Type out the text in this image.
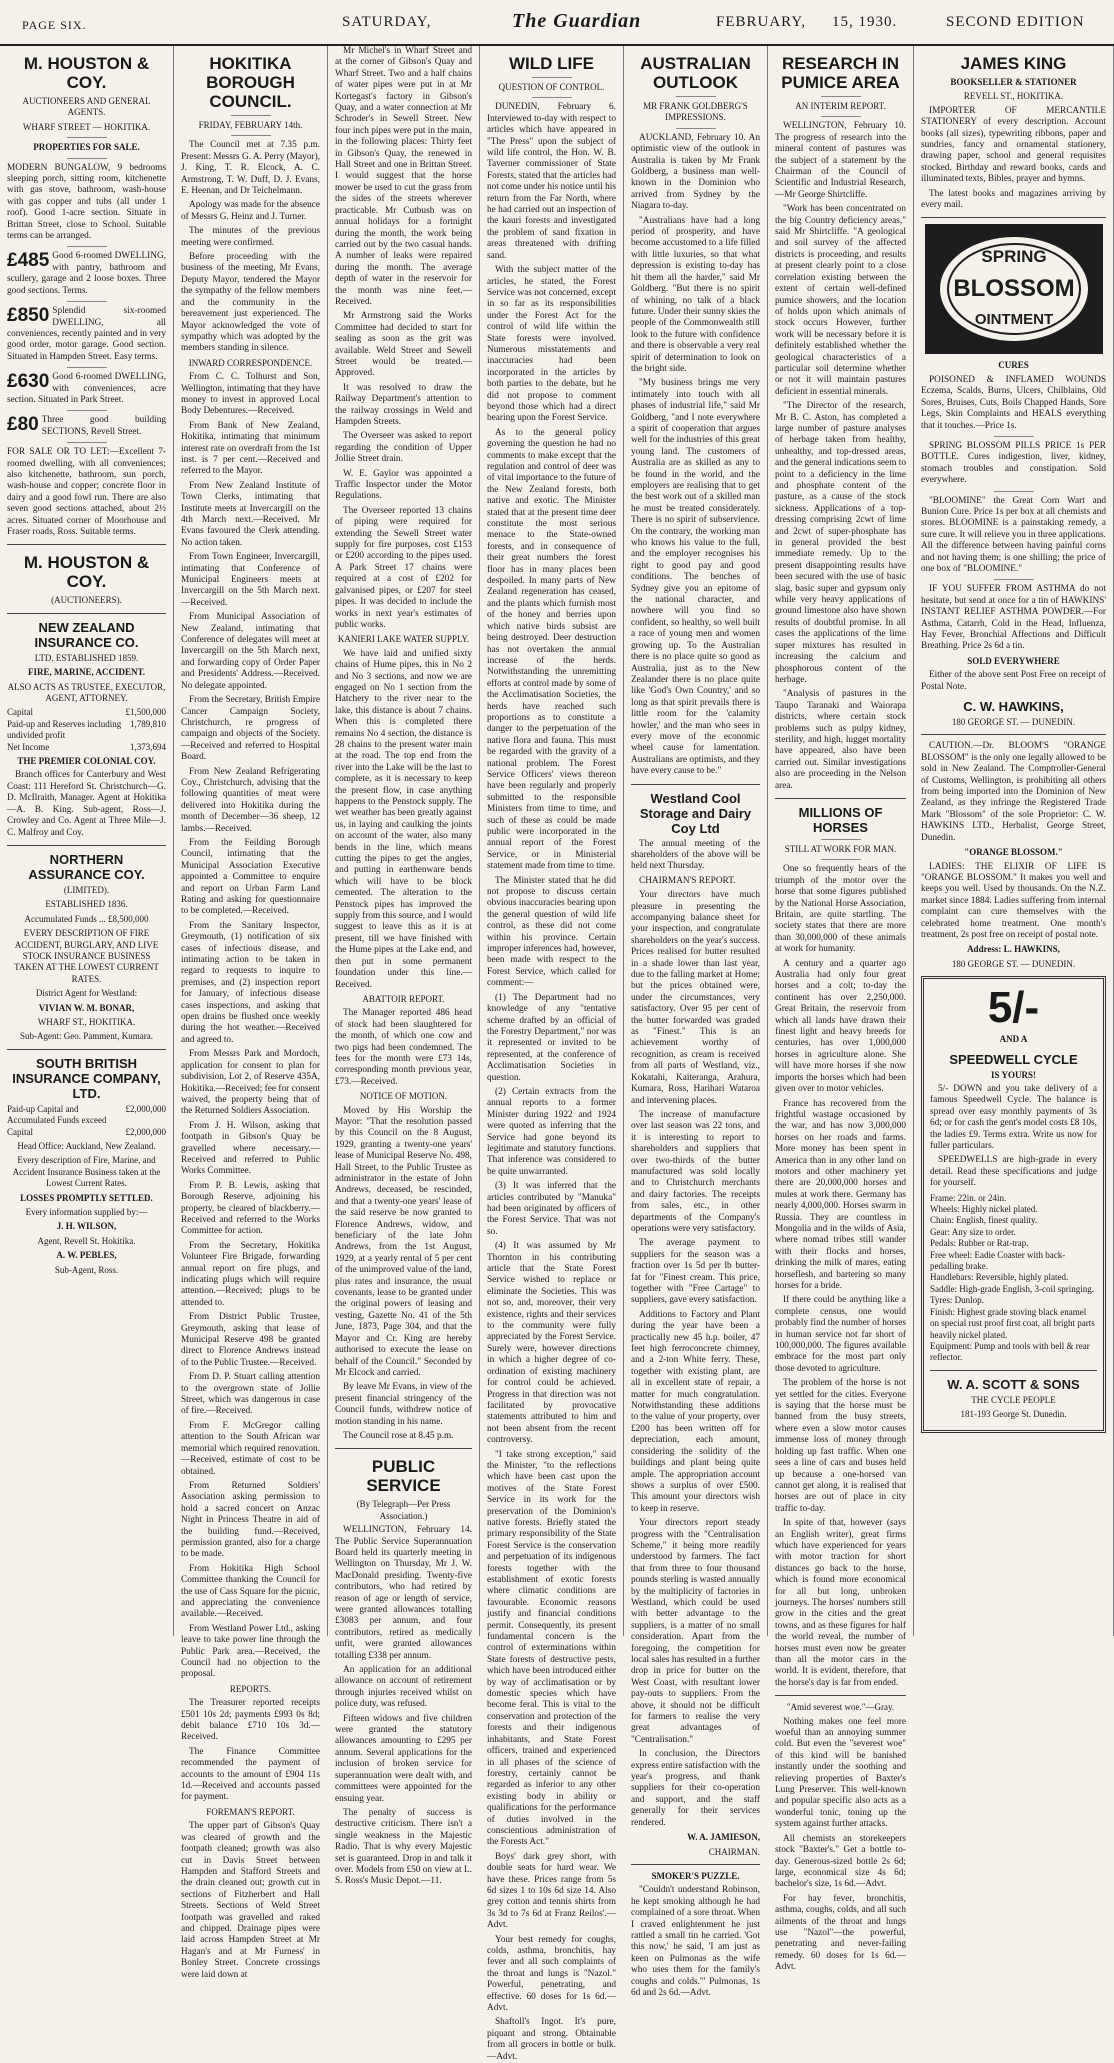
PAGE SIX.	SATURDAY,	The Guardian	FEBRUARY, 15, 1930.	SECOND EDITION
M. HOUSTON & COY.
AUCTIONEERS AND GENERAL AGENTS.
WHARF STREET — HOKITIKA.
PROPERTIES FOR SALE.

MODERN BUNGALOW, 9 bedrooms sleeping porch, sitting room, kitchenette with gas stove, bathroom, wash-house with gas copper and tubs (all under 1 roof). Good 1-acre section. Situate in Brittan Street, close to School. Suitable terms can be arranged.

£485 Good 6-roomed DWELLING, with pantry, bathroom and scullery, garage and 2 loose boxes. Three good sections. Terms.

£850 Splendid six-roomed DWELLING, all conveniences, recently painted and in very good order, motor garage. Good section. Situated in Hampden Street. Easy terms.

£630 Good 6-roomed DWELLING, with conveniences, acre section. Situated in Park Street.

£80 Three good building SECTIONS, Revell Street.

FOR SALE OR TO LET:—Excellent 7-roomed dwelling, with all conveniences; also kitchenette, bathroom, sun porch, wash-house and copper; concrete floor in dairy and a good fowl run. There are also seven good sections attached, about 2½ acres. Situated corner of Moorhouse and Fraser roads, Ross. Suitable terms.

M. HOUSTON & COY.
(AUCTIONEERS).
NEW ZEALAND INSURANCE CO.
LTD. ESTABLISHED 1859.
FIRE, MARINE, ACCIDENT.
ALSO ACTS AS TRUSTEE, EXECUTOR, AGENT, ATTORNEY.
Capital	£1,500,000
Paid-up and Reserves including undivided profit
1,789,810
Net Income	1,373,694
THE PREMIER COLONIAL COY.

Branch offices for Canterbury and West Coast: 111 Hereford St. Christchurch—G. D. McIlraith, Manager. Agent at Hokitika—A. B. King. Sub-agent, Ross—J. Crowley and Co. Agent at Three Mile—J. C. Malfroy and Coy.

NORTHERN ASSURANCE COY.
(LIMITED).
ESTABLISHED 1836.
Accumulated Funds ... £8,500,000
EVERY DESCRIPTION OF FIRE ACCIDENT, BURGLARY, AND LIVE STOCK INSURANCE BUSINESS TAKEN AT THE LOWEST CURRENT RATES.
District Agent for Westland:
VIVIAN W. M. BONAR,
WHARF ST., HOKITIKA.
Sub-Agent: Geo. Pamment, Kumara.
SOUTH BRITISH INSURANCE COMPANY, LTD.
Paid-up Capital and Accumulated Funds exceed
£2,000,000
Capital	£2,000,000
Head Office: Auckland, New Zealand.
Every description of Fire, Marine, and Accident Insurance Business taken at the Lowest Current Rates.
LOSSES PROMPTLY SETTLED.
Every information supplied by:—
J. H. WILSON,
Agent, Revell St. Hokitika.
A. W. PEBLES,
Sub-Agent, Ross.
HOKITIKA BOROUGH COUNCIL.
FRIDAY, FEBRUARY 14th.

The Council met at 7.35 p.m. Present: Messrs G. A. Perry (Mayor), J. King, T. R. Elcock, A. C. Armstrong, T. W. Duff, D. J. Evans, E. Heenan, and Dr Teichelmann.

Apology was made for the absence of Messrs G. Heinz and J. Turner.

The minutes of the previous meeting were confirmed.

Before proceeding with the business of the meeting, Mr Evans, Deputy Mayor, tendered the Mayor the sympathy of the fellow members and the community in the bereavement just experienced. The Mayor acknowledged the vote of sympathy which was adopted by the members standing in silence.

INWARD CORRESPONDENCE.

From C. C. Tolhurst and Son, Wellington, intimating that they have money to invest in approved Local Body Debentures.—Received.

From Bank of New Zealand, Hokitika, intimating that minimum interest rate on overdraft from the 1st inst. is 7 per cent.—Received and referred to the Mayor.

From New Zealand Institute of Town Clerks, intimating that Institute meets at Invercargill on the 4th March next.—Received. Mr Evans favoured the Clerk attending. No action taken.

From Town Engineer, Invercargill, intimating that Conference of Municipal Engineers meets at Invercargill on the 5th March next.—Received.

From Municipal Association of New Zealand, intimating that Conference of delegates will meet at Invercargill on the 5th March next, and forwarding copy of Order Paper and Presidents' Address.—Received. No delegate appointed.

From the Secretary, British Empire Cancer Campaign Society, Christchurch, re progress of campaign and objects of the Society.—Received and referred to Hospital Board.

From New Zealand Refrigerating Coy., Christchurch, advising that the following quantities of meat were delivered into Hokitika during the month of December—36 sheep, 12 lambs.—Received.

From the Feilding Borough Council, intimating that the Municipal Association Executive appointed a Committee to enquire and report on Urban Farm Land Rating and asking for questionnaire to be completed.—Received.

From the Sanitary Inspector, Greymouth, (1) notification of six cases of infectious disease, and intimating action to be taken in regard to requests to inquire to premises, and (2) inspection report for January, of infectious disease cases inspections, and asking that open drains be flushed once weekly during the hot weather.—Received and agreed to.

From Messrs Park and Mordoch, application for consent to plan for subdivision, Lot 2, of Reserve 435A, Hokitika.—Received; fee for consent waived, the property being that of the Returned Soldiers Association.

From J. H. Wilson, asking that footpath in Gibson's Quay be gravelled where necessary.—Received and referred to Public Works Committee.

From P. B. Lewis, asking that Borough Reserve, adjoining his property, be cleared of blackberry.—Received and referred to the Works Committee for action.

From the Secretary, Hokitika Volunteer Fire Brigade, forwarding annual report on fire plugs, and indicating plugs which will require attention.—Received; plugs to be attended to.

From District Public Trustee, Greymouth, asking that lease of Municipal Reserve 498 be granted direct to Florence Andrews instead of to the Public Trustee.—Received.

From D. P. Stuart calling attention to the overgrown state of Jollie Street, which was dangerous in case of fire.—Received.

From F. McGregor calling attention to the South African war memorial which required renovation.—Received, estimate of cost to be obtained.

From Returned Soldiers' Association asking permission to hold a sacred concert on Anzac Night in Princess Theatre in aid of the building fund.—Received, permission granted, also for a charge to be made.

From Hokitika High School Committee thanking the Council for the use of Cass Square for the picnic, and appreciating the convenience available.—Received.

From Westland Power Ltd., asking leave to take power line through the Public Park area.—Received, the Council had no objection to the proposal.

REPORTS.

The Treasurer reported receipts £501 10s 2d; payments £993 0s 8d; debit balance £710 10s 3d.—Received.

The Finance Committee recommended the payment of accounts to the amount of £904 11s 1d.—Received and accounts passed for payment.

FOREMAN'S REPORT.

The upper part of Gibson's Quay was cleared of growth and the footpath cleaned; growth was also cut in Davis Street between Hampden and Stafford Streets and the drain cleaned out; growth cut in sections of Fitzherbert and Hall Streets. Sections of Weld Street footpath was gravelled and raked and chipped. Drainage pipes were laid across Hampden Street at Mr Hagan's and at Mr Furness' in Bonley Street. Concrete crossings were laid down at

Mr Michel's in Wharf Street and at the corner of Gibson's Quay and Wharf Street. Two and a half chains of water pipes were put in at Mr Kortegast's factory in Gibson's Quay, and a water connection at Mr Schroder's in Sewell Street. New four inch pipes were put in the main, in the following places: Thirty feet in Gibson's Quay, the renewed in Hall Street and one in Brittan Street. I would suggest that the horse mower be used to cut the grass from the sides of the streets wherever practicable. Mr Cutbush was on annual holidays for a fortnight during the month, the work being carried out by the two casual hands. A number of leaks were repaired during the month. The average depth of water in the reservoir for the month was nine feet.—Received.

Mr Armstrong said the Works Committee had decided to start for sealing as soon as the grit was available. Weld Street and Sewell Street would be treated.—Approved.

It was resolved to draw the Railway Department's attention to the railway crossings in Weld and Hampden Streets.

The Overseer was asked to report regarding the condition of Upper Jollie Street drain.

W. E. Gaylor was appointed a Traffic Inspector under the Motor Regulations.

The Overseer reported 13 chains of piping were required for extending the Sewell Street water supply for fire purposes, cost £153 or £200 according to the pipes used. A Park Street 17 chains were required at a cost of £202 for galvanised pipes, or £207 for steel pipes. It was decided to include the works in next year's estimates of public works.

KANIERI LAKE WATER SUPPLY.

We have laid and unified sixty chains of Hume pipes, this in No 2 and No 3 sections, and now we are engaged on No 1 section from the Hatchery to the river near to the lake, this distance is about 7 chains. When this is completed there remains No 4 section, the distance is 28 chains to the present water main at the road. The top end from the river into the Lake will be the last to complete, as it is necessary to keep the present flow, in case anything happens to the Penstock supply. The wet weather has been greatly against us, in laying and caulking the joints on account of the water, also many bends in the line, which means cutting the pipes to get the angles, and putting in earthenware bends which will have to be block cemented. The alteration to the Penstock pipes has improved the supply from this source, and I would suggest to leave this as it is at present, till we have finished with the Hume pipes at the Lake end, and then put in some permanent foundation under this line.—Received.

ABATTOIR REPORT.

The Manager reported 486 head of stock had been slaughtered for the month, of which one cow and two pigs had been condemned. The fees for the month were £73 14s, corresponding month previous year, £73.—Received.

NOTICE OF MOTION.

Moved by His Worship the Mayor: "That the resolution passed by this Council on the 8 August, 1929, granting a twenty-one years' lease of Municipal Reserve No. 498, Hall Street, to the Public Trustee as administrator in the estate of John Andrews, deceased, be rescinded, and that a twenty-one years' lease of the said reserve be now granted to Florence Andrews, widow, and beneficiary of the late John Andrews, from the 1st August, 1929, at a yearly rental of 5 per cent of the unimproved value of the land, plus rates and insurance, the usual covenants, lease to be granted under the original powers of leasing and vesting, Gazette No. 41 of the 5th June, 1873, Page 304, and that the Mayor and Cr. King are hereby authorised to execute the lease on behalf of the Council." Seconded by Mr Elcock and carried.

By leave Mr Evans, in view of the present financial stringency of the Council funds, withdrew notice of motion standing in his name.

The Council rose at 8.45 p.m.

PUBLIC SERVICE
(By Telegraph—Per Press Association.)

WELLINGTON, February 14. The Public Service Superannuation Board held its quarterly meeting in Wellington on Thursday, Mr J. W. MacDonald presiding. Twenty-five contributors, who had retired by reason of age or length of service, were granted allowances totalling £3083 per annum, and four contributors, retired as medically unfit, were granted allowances totalling £338 per annum.

An application for an additional allowance on account of retirement through injuries received whilst on police duty, was refused.

Fifteen widows and five children were granted the statutory allowances amounting to £295 per annum. Several applications for the inclusion of broken service for superannuation were dealt with, and committees were appointed for the ensuing year.

The penalty of success is destructive criticism. There isn't a single weakness in the Majestic Radio. That is why every Majestic set is guaranteed. Drop in and talk it over. Models from £50 on view at L. S. Ross's Music Depot.—11.

WILD LIFE
QUESTION OF CONTROL.

DUNEDIN, February 6. Interviewed to-day with respect to articles which have appeared in "The Press" upon the subject of wild life control, the Hon. W. B. Taverner commissioner of State Forests, stated that the articles had not come under his notice until his return from the Far North, where he had carried out an inspection of the kauri forests and investigated the problem of sand fixation in areas threatened with drifting sand.

With the subject matter of the articles, he stated, the Forest Service was not concerned, except in so far as its responsibilities under the Forest Act for the control of wild life within the State forests were involved. Numerous misstatements and inaccuracies had been incorporated in the articles by both parties to the debate, but he did not propose to comment beyond those which had a direct bearing upon the Forest Service.

As to the general policy governing the question he had no comments to make except that the regulation and control of deer was of vital importance to the future of the New Zealand forests, both native and exotic. The Minister stated that at the present time deer constitute the most serious menace to the State-owned forests, and in consequence of their great numbers the forest floor has in many places been despoiled. In many parts of New Zealand regeneration has ceased, and the plants which furnish most of the honey and berries upon which native birds subsist are being destroyed. Deer destruction has not overtaken the annual increase of the herds. Notwithstanding the unremitting efforts at control made by some of the Acclimatisation Societies, the herds have reached such proportions as to constitute a danger to the perpetuation of the native flora and fauna. This must be regarded with the gravity of a national problem. The Forest Service Officers' views thereon have been regularly and properly submitted to the responsible Ministers from time to time, and such of these as could be made public were incorporated in the annual report of the Forest Service, or in Ministerial statement made from time to time.

The Minister stated that he did not propose to discuss certain obvious inaccuracies bearing upon the general question of wild life control, as these did not come within his province. Certain improper inferences had, however, been made with respect to the Forest Service, which called for comment:—

(1) The Department had no knowledge of any "tentative scheme drafted by an official of the Forestry Department," nor was it represented or invited to be represented, at the conference of Acclimatisation Societies in question.

(2) Certain extracts from the annual reports to a former Minister during 1922 and 1924 were quoted as inferring that the Service had gone beyond its legitimate and statutory functions. That inference was considered to be quite unwarranted.

(3) It was inferred that the articles contributed by "Manuka" had been originated by officers of the Forest Service. That was not so.

(4) It was assumed by Mr Thornton in his contributing article that the State Forest Service wished to replace or eliminate the Societies. This was not so, and, moreover, their very existence, rights and their services to the community were fully appreciated by the Forest Service. Surely were, however directions in which a higher degree of co-ordination of existing machinery for control could be achieved. Progress in that direction was not facilitated by provocative statements attributed to him and not been absent from the recent controversy.

"I take strong exception," said the Minister, "to the reflections which have been cast upon the motives of the State Forest Service in its work for the preservation of the Dominion's native forests. Briefly stated the primary responsibility of the State Forest Service is the conservation and perpetuation of its indigenous forests together with the establishment of exotic forests where climatic conditions are favourable. Economic reasons justify and financial conditions permit. Consequently, its present fundamental concern is the control of exterminations within State forests of destructive pests, which have been introduced either by way of acclimatisation or by domestic species which have become feral. This is vital to the conservation and protection of the forests and their indigenous inhabitants, and State Forest officers, trained and experienced in all phases of the science of forestry, certainly cannot be regarded as inferior to any other existing body in ability or qualifications for the performance of duties involved in the conscientious administration of the Forests Act."

Boys' dark grey short, with double seats for hard wear. We have these. Prices range from 5s 6d sizes 1 to 10s 6d size 14. Also grey cotton and tennis shirts from 3s 3d to 7s 6d at Franz Reilos'.—Advt.

Your best remedy for coughs, colds, asthma, bronchitis, hay fever and all such complaints of the throat and lungs is "Nazol." Powerful, penetrating, and effective. 60 doses for 1s 6d.—Advt.

Shaftoll's Ingot. It's pure, piquant and strong. Obtainable from all grocers in bottle or bulk.—Advt.

AUSTRALIAN OUTLOOK
MR FRANK GOLDBERG'S IMPRESSIONS.

AUCKLAND, February 10. An optimistic view of the outlook in Australia is taken by Mr Frank Goldberg, a business man well-known in the Dominion who arrived from Sydney by the Niagara to-day.

"Australians have had a long period of prosperity, and have become accustomed to a life filled with little luxuries, so that what depression is existing to-day has hit them all the harder," said Mr Goldberg. "But there is no spirit of whining, no talk of a black future. Under their sunny skies the people of the Commonwealth still look to the future with confidence and there is observable a very real spirit of determination to look on the bright side.

"My business brings me very intimately into touch with all phases of industrial life," said Mr Goldberg, "and I note everywhere a spirit of cooperation that argues well for the industries of this great young land. The customers of Australia are as skilled as any to be found in the world, and the employers are realising that to get the best work out of a skilled man he must be treated considerately. There is no spirit of subservience. On the contrary, the working man who knows his value to the full, and the employer recognises his right to good pay and good conditions. The benches of Sydney give you an epitome of the national character, and nowhere will you find so confident, so healthy, so well built a race of young men and women growing up. To the Australian there is no place quite so good as Australia, just as to the New Zealander there is no place quite like 'God's Own Country,' and so long as that spirit prevails there is little room for the 'calamity howler,' and the man who sees in every move of the economic wheel cause for lamentation. Australians are optimists, and they have every cause to be."

Westland Cool Storage and Dairy Coy Ltd

The annual meeting of the shareholders of the above will be held next Thursday.

CHAIRMAN'S REPORT.

Your directors have much pleasure in presenting the accompanying balance sheet for your inspection, and congratulate shareholders on the year's success. Prices realised for butter resulted in a shade lower than last year, due to the falling market at Home; but the prices obtained were, under the circumstances, very satisfactory. Over 95 per cent of the butter forwarded was graded as "Finest." This is an achievement worthy of recognition, as cream is received from all parts of Westland, viz., Kokatahi, Kaiteranga, Arahura, Kumara, Ross, Harihari Wataroa and intervening places.

The increase of manufacture over last season was 22 tons, and it is interesting to report to shareholders and suppliers that over two-thirds of the butter manufactured was sold locally and to Christchurch merchants and dairy factories. The receipts from sales, etc., in other departments of the Company's operations were very satisfactory.

The average payment to suppliers for the season was a fraction over 1s 5d per lb butter-fat for "Finest cream. This price, together with "Free Cartage" to suppliers, gave every satisfaction.

Additions to Factory and Plant during the year have been a practically new 45 h.p. boiler, 47 feet high ferroconcrete chimney, and a 2-ton White ferry. These, together with existing plant, are all in excellent state of repair, a matter for much congratulation. Notwithstanding these additions to the value of your property, over £200 has been written off for depreciation, each amount, considering the solidity of the buildings and plant being quite ample. The appropriation account shows a surplus of over £500. This amount your directors wish to keep in reserve.

Your directors report steady progress with the "Centralisation Scheme," it being more readily understood by farmers. The fact that from three to four thousand pounds sterling is wasted annually by the multiplicity of factories in Westland, which could be used with better advantage to the suppliers, is a matter of no small consideration. Apart from the foregoing, the competition for local sales has resulted in a further drop in price for butter on the West Coast, with resultant lower pay-outs to suppliers. From the above, it should not be difficult for farmers to realise the very great advantages of "Centralisation."

In conclusion, the Directors express entire satisfaction with the year's progress, and thank suppliers for their co-operation and support, and the staff generally for their services rendered.

W. A. JAMIESON,
CHAIRMAN.
SMOKER'S PUZZLE.

"Couldn't understand Robinson, he kept smoking although he had complained of a sore throat. When I craved enlightenment he just rattled a small tin he carried. 'Got this now,' he said, 'I am just as keen on Pulmonas as the wife who uses them for the family's coughs and colds.'" Pulmonas, 1s 6d and 2s 6d.—Advt.

RESEARCH IN PUMICE AREA
AN INTERIM REPORT.

WELLINGTON, February 10. The progress of research into the mineral content of pastures was the subject of a statement by the Chairman of the Council of Scientific and Industrial Research,—Mr George Shirtcliffe.

"Work has been concentrated on the big Country deficiency areas," said Mr Shirtcliffe. "A geological and soil survey of the affected districts is proceeding, and results at present clearly point to a close correlation existing between the extent of certain well-defined pumice showers, and the location of holds upon which animals of stock occurs However, further work will be necessary before it is definitely established whether the geological characteristics of a particular soil determine whether or not it will maintain pastures deficient in essential minerals.

"The Director of the research, Mr B. C. Aston, has completed a large number of pasture analyses of herbage taken from healthy, unhealthy, and top-dressed areas, and the general indications seem to point to a deficiency in the lime and phosphate content of the pasture, as a cause of the stock sickness. Applications of a top-dressing comprising 2cwt of lime and 2cwt of super-phosphate has in general provided the best immediate remedy. Up to the present disappointing results have been secured with the use of basic slag, basic super and gypsum only while very heavy applications of ground limestone also have shown results of doubtful promise. In all cases the applications of the lime super mixtures has resulted in increasing the calcium and phosphorous content of the herbage.

"Analysis of pastures in the Taupo Taranaki and Waiorapa districts, where certain stock problems such as pulpy kidney, sterility, and high, lugget mortality have appeared, also have been carried out. Similar investigations also are proceeding in the Nelson area.

MILLIONS OF HORSES
STILL AT WORK FOR MAN.

One so frequently hears of the triumph of the motor over the horse that some figures published by the National Horse Association, Britain, are quite startling. The society states that there are more than 30,000,000 of these animals at work for humanity.

A century and a quarter ago Australia had only four great horses and a colt; to-day the continent has over 2,250,000. Great Britain, the reservoir from which all lands have drawn their finest light and heavy breeds for centuries, has over 1,000,000 horses in agriculture alone. She will have more horses if she now imports the horses which had been given over to motor vehicles.

France has recovered from the frightful wastage occasioned by the war, and has now 3,000,000 horses on her roads and farms. More money has been spent in America than in any other land on motors and other machinery yet there are 20,000,000 horses and mules at work there. Germany has nearly 4,000,000. Horses swarm in Russia. They are countless in Mongolia and in the wilds of Asia, where nomad tribes still wander with their flocks and horses, drinking the milk of mares, eating horseflesh, and bartering so many horses for a bride.

If there could be anything like a complete census, one would probably find the number of horses in human service not far short of 100,000,000. The figures available embrace for the most part only those devoted to agriculture.

The problem of the horse is not yet settled for the cities. Everyone is saying that the horse must be banned from the busy streets, where even a slow motor causes immense loss of money through holding up fast traffic. When one sees a line of cars and buses held up because a one-horsed van cannot get along, it is realised that horses are out of place in city traffic to-day.

In spite of that, however (says an English writer), great firms which have experienced for years with motor traction for short distances go back to the horse, which is found more economical for all but long, unbroken journeys. The horses' numbers still grow in the cities and the great towns, and as these figures for half the world reveal, the number of horses must even now be greater than all the motor cars in the world. It is evident, therefore, that the horse's day is far from ended.

"Amid severest woe."—Gray.

Nothing makes one feel more woeful than an annoying summer cold. But even the "severest woe" of this kind will be banished instantly under the soothing and relieving properties of Baxter's Lung Preserver. This well-known and popular specific also acts as a wonderful tonic, toning up the system against further attacks.

All chemists an storekeepers stock "Baxter's." Get a bottle to-day. Generous-sized bottle 2s 6d; large, economical size 4s 6d; bachelor's size, 1s 6d.—Advt.

For hay fever, bronchitis, asthma, coughs, colds, and all such ailments of the throat and lungs use "Nazol"—the powerful, penetrating and never-failing remedy. 60 doses for 1s 6d.—Advt.

JAMES KING
BOOKSELLER & STATIONER
REVELL ST., HOKITIKA.

IMPORTER OF MERCANTILE STATIONERY of every description. Account books (all sizes), typewriting ribbons, paper and sundries, fancy and ornamental stationery, drawing paper, school and general requisites stocked. Birthday and reward books, cards and illuminated texts, Bibles, prayer and hymns.

The latest books and magazines arriving by every mail.

SPRING
BLOSSOM
OINTMENT
CURES

POISONED & INFLAMED WOUNDS Eczema, Scalds, Burns, Ulcers, Chilblains, Old Sores, Bruises, Cuts, Boils Chapped Hands, Sore Legs, Skin Complaints and HEALS everything that it touches.—Price 1s.

SPRING BLOSSOM PILLS PRICE 1s PER BOTTLE. Cures indigestion, liver, kidney, stomach troubles and constipation. Sold everywhere.

"BLOOMINE" the Great Corn Wart and Bunion Cure. Price 1s per box at all chemists and stores. BLOOMINE is a painstaking remedy, a sure cure. It will relieve you in three applications. All the difference between having painful corns and not having them; is one shilling; the price of one box of "BLOOMINE."

IF YOU SUFFER FROM ASTHMA do not hesitate, but send at once for a tin of HAWKINS' INSTANT RELIEF ASTHMA POWDER.—For Asthma, Catarrh, Cold in the Head, Influenza, Hay Fever, Bronchial Affections and Difficult Breathing. Price 2s 6d a tin.

SOLD EVERYWHERE

Either of the above sent Post Free on receipt of Postal Note.

C. W. HAWKINS,
180 GEORGE ST. — DUNEDIN.

CAUTION.—Dr. BLOOM'S "ORANGE BLOSSOM" is the only one legally allowed to be sold in New Zealand. The Comptroller-General of Customs, Wellington, is prohibiting all others from being imported into the Dominion of New Zealand, as they infringe the Registered Trade Mark "Blossom" of the sole Proprietor: C. W. HAWKINS LTD., Herbalist, George Street, Dunedin.

"ORANGE BLOSSOM."

LADIES: THE ELIXIR OF LIFE IS "ORANGE BLOSSOM." It makes you well and keeps you well. Used by thousands. On the N.Z. market since 1884. Ladies suffering from internal complaint can cure themselves with the celebrated home treatment. One month's treatment, 2s post free on receipt of postal note.

Address: L. HAWKINS,
180 GEORGE ST. — DUNEDIN.
5/-
AND A
SPEEDWELL CYCLE
IS YOURS!

5/- DOWN and you take delivery of a famous Speedwell Cycle. The balance is spread over easy monthly payments of 3s 6d; or for cash the gent's model costs £8 10s, the ladies £9. Terms extra. Write us now for fuller particulars.

SPEEDWELLS are high-grade in every detail. Read these specifications and judge for yourself.

Frame: 22in. or 24in.
Wheels: Highly nickel plated.
Chain: English, finest quality.
Gear: Any size to order.
Pedals: Rubber or Rat-trap.
Free wheel: Eadie Coaster with back-pedalling brake.
Handlebars: Reversible, highly plated.
Saddle: High-grade English, 3-coil springing.
Tyres: Dunlop.
Finish: Highest grade stoving black enamel on special rust proof first coat, all bright parts heavily nickel plated.
Equipment: Pump and tools with bell & rear reflector.
W. A. SCOTT & SONS
THE CYCLE PEOPLE
181-193 George St. Dunedin.
